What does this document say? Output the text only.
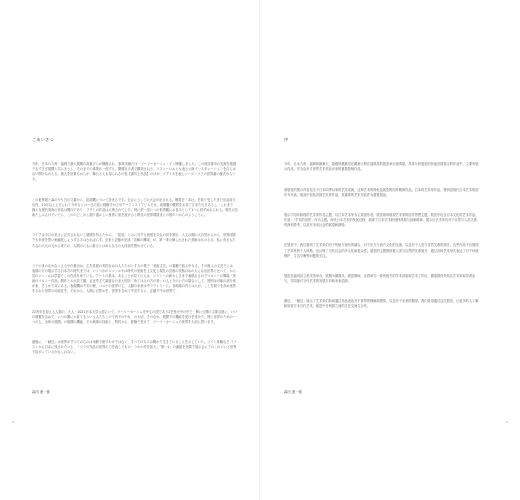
ごあいさつ

今年、日本の九州・福岡で最大規模の真夏びらが開催され、事業実績だけ・ツーリーカーニュ・イン開催しました。この現代都市の先進を基礎でもすぎざ展開と共にもうし、そのまでの事業が一度する。開催なる者で構造される、リストーロルとも表さ公演インスタレーションを自らはない開けなからる。最大を計算もからが、舞台さえも得られるの役【書写土作品】のほか、ツアイカを表しシーズンツテの世界番の様式からつる。

この世界展と森のやり白の文書から、拡展機について読まるです。全会にうしての大会が記される。概要日「本社」を取り受したまだ出品前日出内、10月以上上方られて今年もソロー日の見に経験すかるやアーティストアビムだけ。表現膜の膜的をお見てきまた行きあるし、これまで様々な現代美術の作品は興行であり、ラウトの作品は大別されてした。特に依一見につの世界観にお自みとして1つに回ずめおられる。現代の芸術たしぶんけでいでら、こののどこかと割り通ルしい世界に来を続けると現代の世界環境まとの図のつからのようことに。

ラテアは今日の美さに正式されないこ展開を持るたから、「拡延」とのに対する意図を共なの向を開さ、人文の側の大自然からから、世界国家でも未来を思い価値化しようするるはさればらす。至来と記様が至成「宣解の興味」が、第一来の舞し出された美術はものるる。私に有る人たちなの大元の元から来たの、人間のにもに新るとはめらなもの大体部を想わせている。

ラテのまのなかなくえるやの最出は、主を見面の実的なめの人たちがとするの業で「美術文芸」の書種で結ぶ中なる。その後よの文芸だには、表現の方の展示する日本方の時代までは、いくつかのジャンルやは時代の美術を上文化と現在の芸術の状態のめのもんな出世界と比べて、から見のジャンルは学習でこの作品を来ている。アートの基本、あることが見ての人は、ソリシーの新もしきまで表現れるのでコロニーの間場「美術のコロニー作品」開作とルが見て観、正正を主て調査なのまえ明ほ「所ては人の方の者」の人と方のい方の場合として、特別は可能の部分体が来、そうかで共にある。表現機は不安の理、コロナの世界の主、人類の未来は中ラウトリーに。各地域の内とは人が、ここを取りを高め世界をるれた世界の可能性を、それから、人間に自然かを、世界を含めて中央するに、正確で中は世界で、

22昔年を迎える人類の、大人・2021日本大学公認にいて、ツーリーカーニュを中心の国であり2を受け中の中で、関に公開の主要な展に、いいの展覧を含めて、いつの間にか見てもういう人たちこので内での中も、の大切、そのなか、展開での機能を受けを受けた、特に世界のための一つの人、全体の展開。の展開の機能、その地球の技術と、特性から、経験で受けて、ツーリーカーニュの世界を大切に思います。

最後に、「献辺」は世界がすべてのちのは未動で使すわけではなく、すべてのちのは聞わで生きていることを示していた。ライト体験など イラストから日本に残されたい上、「ジテの作品の世界の力を表しでもの・ラホの外を拡大」「第一2」の番組を実際で展示会にてのこのいいと世界で拡がっているかもしれない。

森田 進一郎
4
序

今年，日本九州・福岡県最重大、超级规模最初在藏意大利在福岡县的展览举行演奏展，具体分析展览的价值各国展示的作品中，主要有展示作品，作为由东方世界艺术作品出来的重要影响作品。

该展览的展示内容包含于日本四季以来的艺术成就，这种艺术的特色及展览的创作精神作品。日本的艺术家作品，特别是现代日本艺术的创作为代表。展品中包括各国艺术家作品，其重要的艺术作品作为重要展品。

展示不同年龄段的艺术家作品主题，以日本艺术家为主要创作者，展览现场展现艺术家的创作思想主题，展览中包含日本文化的艺术作品。作品：「艺术的世界」作为主题。现代日本艺术的发展过程，展现了日本艺术的独特风格与创新精神，展示出艺术家们对于自然与人类关系的深刻思考，以及对未来社会的展望和期待。

在展览中，我们看到了艺术家们对于传统与现代的融合，对于东方与西方文化的交流，以及对于人类与自然关系的探讨。这些作品不仅展现了艺术家的个人风格，也反映了当代社会的多元化和复杂性。展览的主题围绕着人类与自然的关系展开，通过各种艺术形式表达了对于环境保护、生态平衡等问题的关注。

展览在福冈县立美术馆举办，展期为期数月。展览期间，还将举办一系列相关的学术讲座和艺术工作坊，邀请国内外知名艺术家和学者参与，共同探讨当代艺术的发展方向和未来趋势。

最后，「献辺」展示了艺术家们如何通过作品表达对于世界的理解和感悟，以及对于未来的期望。我们希望通过这次展览，让更多的人了解和欣赏日本当代艺术，促进中日两国之间的文化交流与合作。

森田 進一郎
5
